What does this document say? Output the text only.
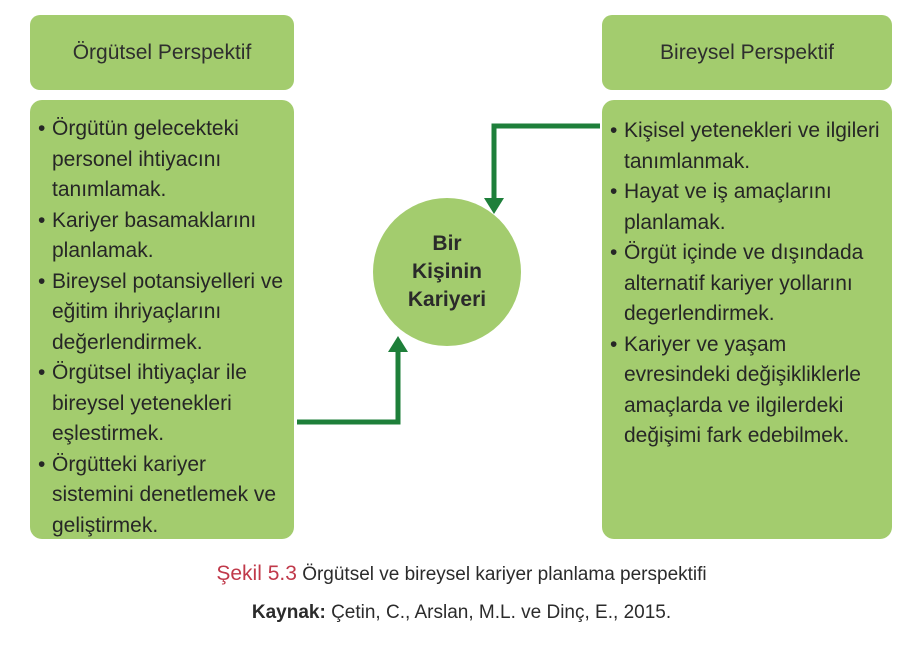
Örgütsel Perspektif	Bireysel Perspektif
• Örgütün gelecekteki personel ihtiyacını tanımlamak.
• Kariyer basamaklarını planlamak.
• Bireysel potansiyelleri ve eğitim ihriyaçlarını değerlendirmek.
• Örgütsel ihtiyaçlar ile bireysel yetenekleri eşlestirmek.
• Örgütteki kariyer sistemini denetlemek ve geliştirmek.
• Kişisel yetenekleri ve ilgileri tanımlanmak.
• Hayat ve iş amaçlarını planlamak.
• Örgüt içinde ve dışındada alternatif kariyer yollarını degerlendirmek.
• Kariyer ve yaşam evresindeki değişikliklerle amaçlarda ve ilgilerdeki değişimi fark edebilmek.
Bir
Kişinin
Kariyeri
Şekil 5.3 Örgütsel ve bireysel kariyer planlama perspektifi
Kaynak: Çetin, C., Arslan, M.L. ve Dinç, E., 2015.
